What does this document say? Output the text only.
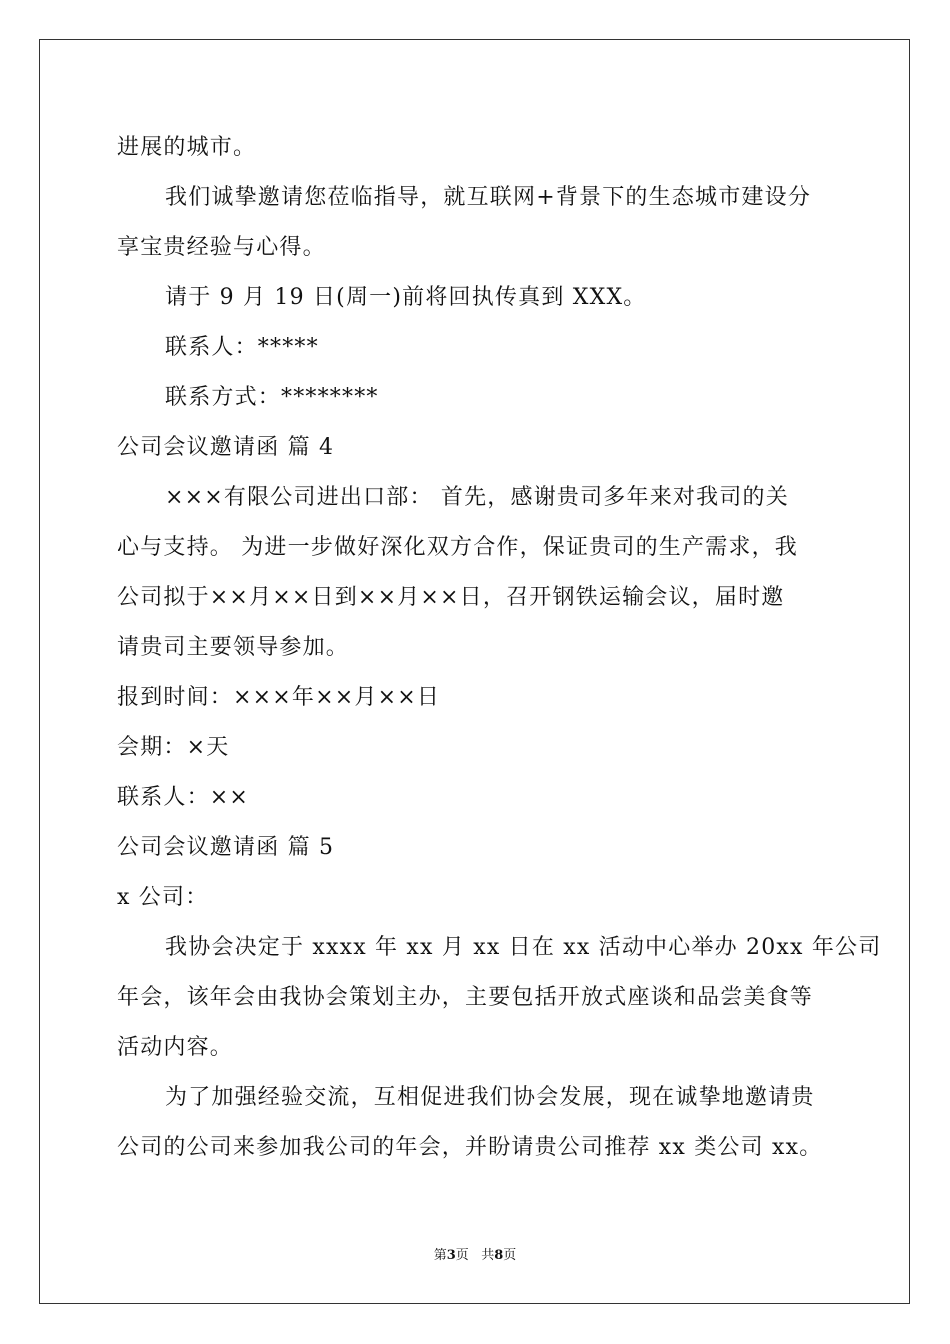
进展的城市。
我们诚挚邀请您莅临指导，就互联网+背景下的生态城市建设分
享宝贵经验与心得。
请于 9 月 19 日(周一)前将回执传真到 XXX。
联系人：*****
联系方式：********
公司会议邀请函 篇 4
×××有限公司进出口部： 首先，感谢贵司多年来对我司的关
心与支持。 为进一步做好深化双方合作，保证贵司的生产需求，我
公司拟于××月××日到××月××日，召开钢铁运输会议，届时邀
请贵司主要领导参加。
报到时间：×××年××月××日
会期：×天
联系人：××
公司会议邀请函 篇 5
x 公司：
我协会决定于 xxxx 年 xx 月 xx 日在 xx 活动中心举办 20xx 年公司
年会，该年会由我协会策划主办，主要包括开放式座谈和品尝美食等
活动内容。
为了加强经验交流，互相促进我们协会发展，现在诚挚地邀请贵
公司的公司来参加我公司的年会，并盼请贵公司推荐 xx 类公司 xx。
第3页 共8页
